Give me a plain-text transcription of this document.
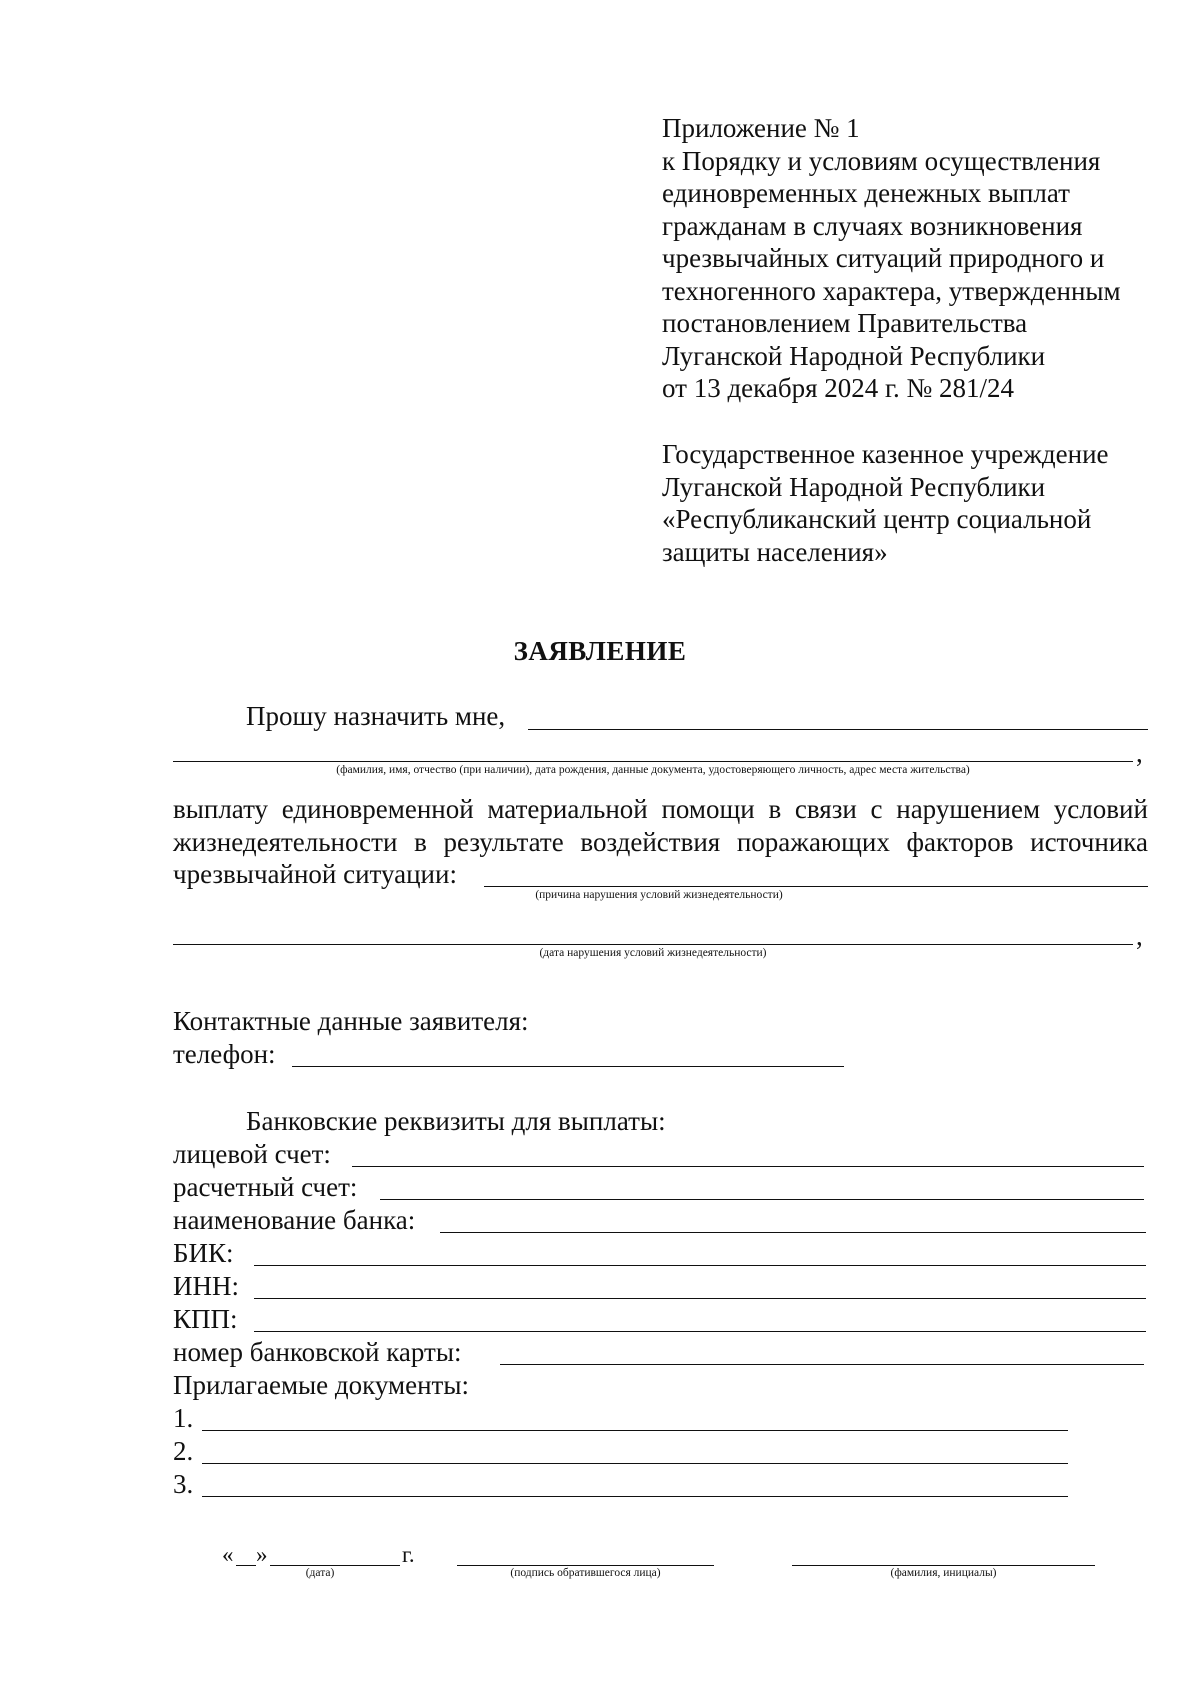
Приложение № 1
к Порядку и условиям осуществления
единовременных денежных выплат
гражданам в случаях возникновения
чрезвычайных ситуаций природного и
техногенного характера, утвержденным
постановлением Правительства
Луганской Народной Республики
от 13 декабря 2024 г. № 281/24
Государственное казенное учреждение
Луганской Народной Республики
«Республиканский центр социальной
защиты населения»
ЗАЯВЛЕНИЕ
Прошу назначить мне,
,
(фамилия, имя, отчество (при наличии), дата рождения, данные документа, удостоверяющего личность, адрес места жительства)
выплату единовременной материальной помощи в связи с нарушением условий
жизнедеятельности в результате воздействия поражающих факторов источника
чрезвычайной ситуации:
(причина нарушения условий жизнедеятельности)
,
(дата нарушения условий жизнедеятельности)
Контактные данные заявителя:
телефон:
Банковские реквизиты для выплаты:
лицевой счет:
расчетный счет:
наименование банка:
БИК:
ИНН:
КПП:
номер банковской карты:
Прилагаемые документы:
1.
2.
3.
« »	г.
(дата)	(подпись обратившегося лица)	(фамилия, инициалы)
